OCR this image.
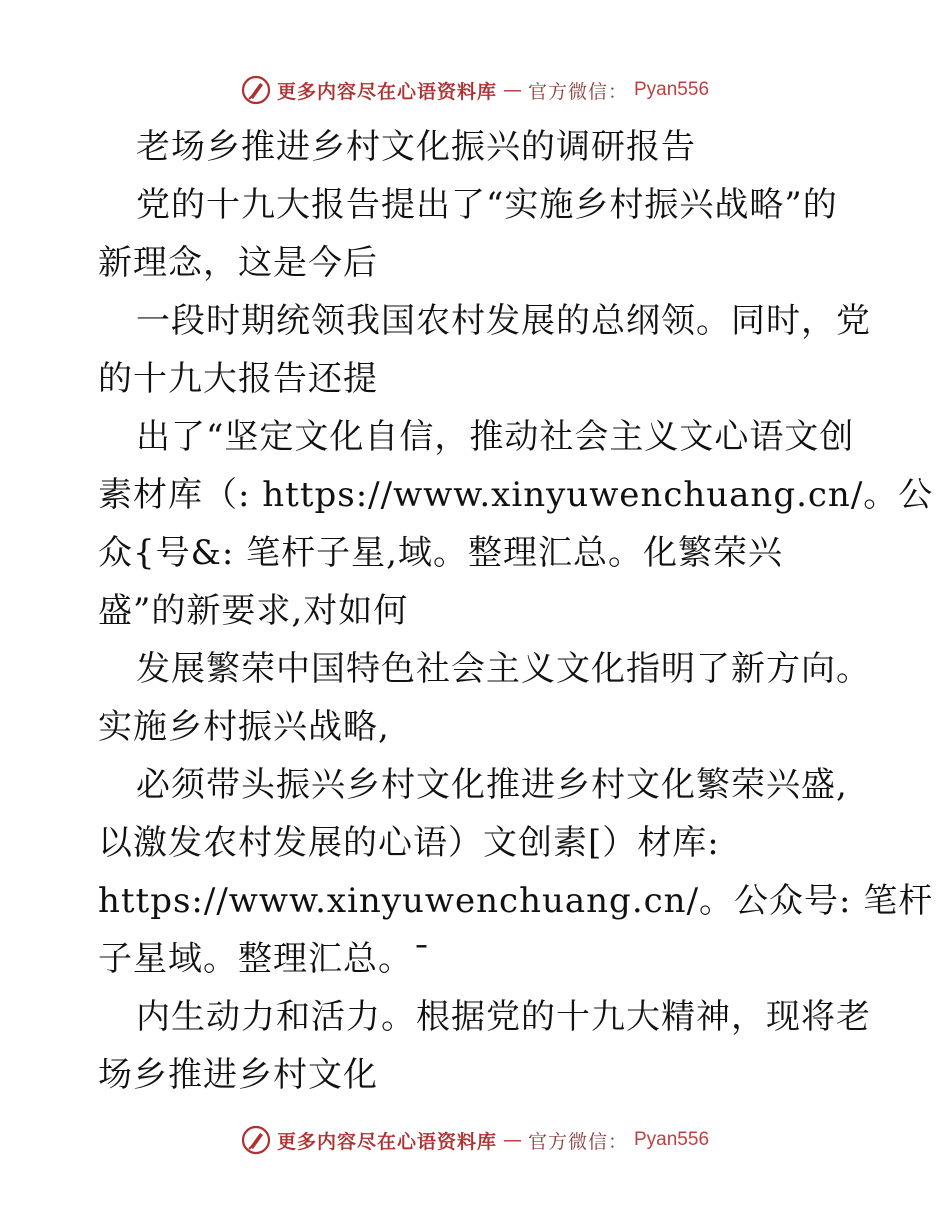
更多内容尽在心语资料库 — 官方微信： Pyan556
老场乡推进乡村文化振兴的调研报告
党的十九大报告提出了“实施乡村振兴战略”的
新理念，这是今后
一段时期统领我国农村发展的总纲领。同时，党
的十九大报告还提
出了“坚定文化自信，推动社会主义文心语文创
素材库（: https://www.xinyuwenchuang.cn/。公
众{号&: 笔杆子星,域。整理汇总。化繁荣兴
盛”的新要求,对如何
发展繁荣中国特色社会主义文化指明了新方向。
实施乡村振兴战略,
必须带头振兴乡村文化推进乡村文化繁荣兴盛,
以激发农村发展的心语）文创素[）材库:
https://www.xinyuwenchuang.cn/。公众号: 笔杆
子星域。整理汇总。¯
内生动力和活力。根据党的十九大精神，现将老
场乡推进乡村文化
更多内容尽在心语资料库 — 官方微信： Pyan556
